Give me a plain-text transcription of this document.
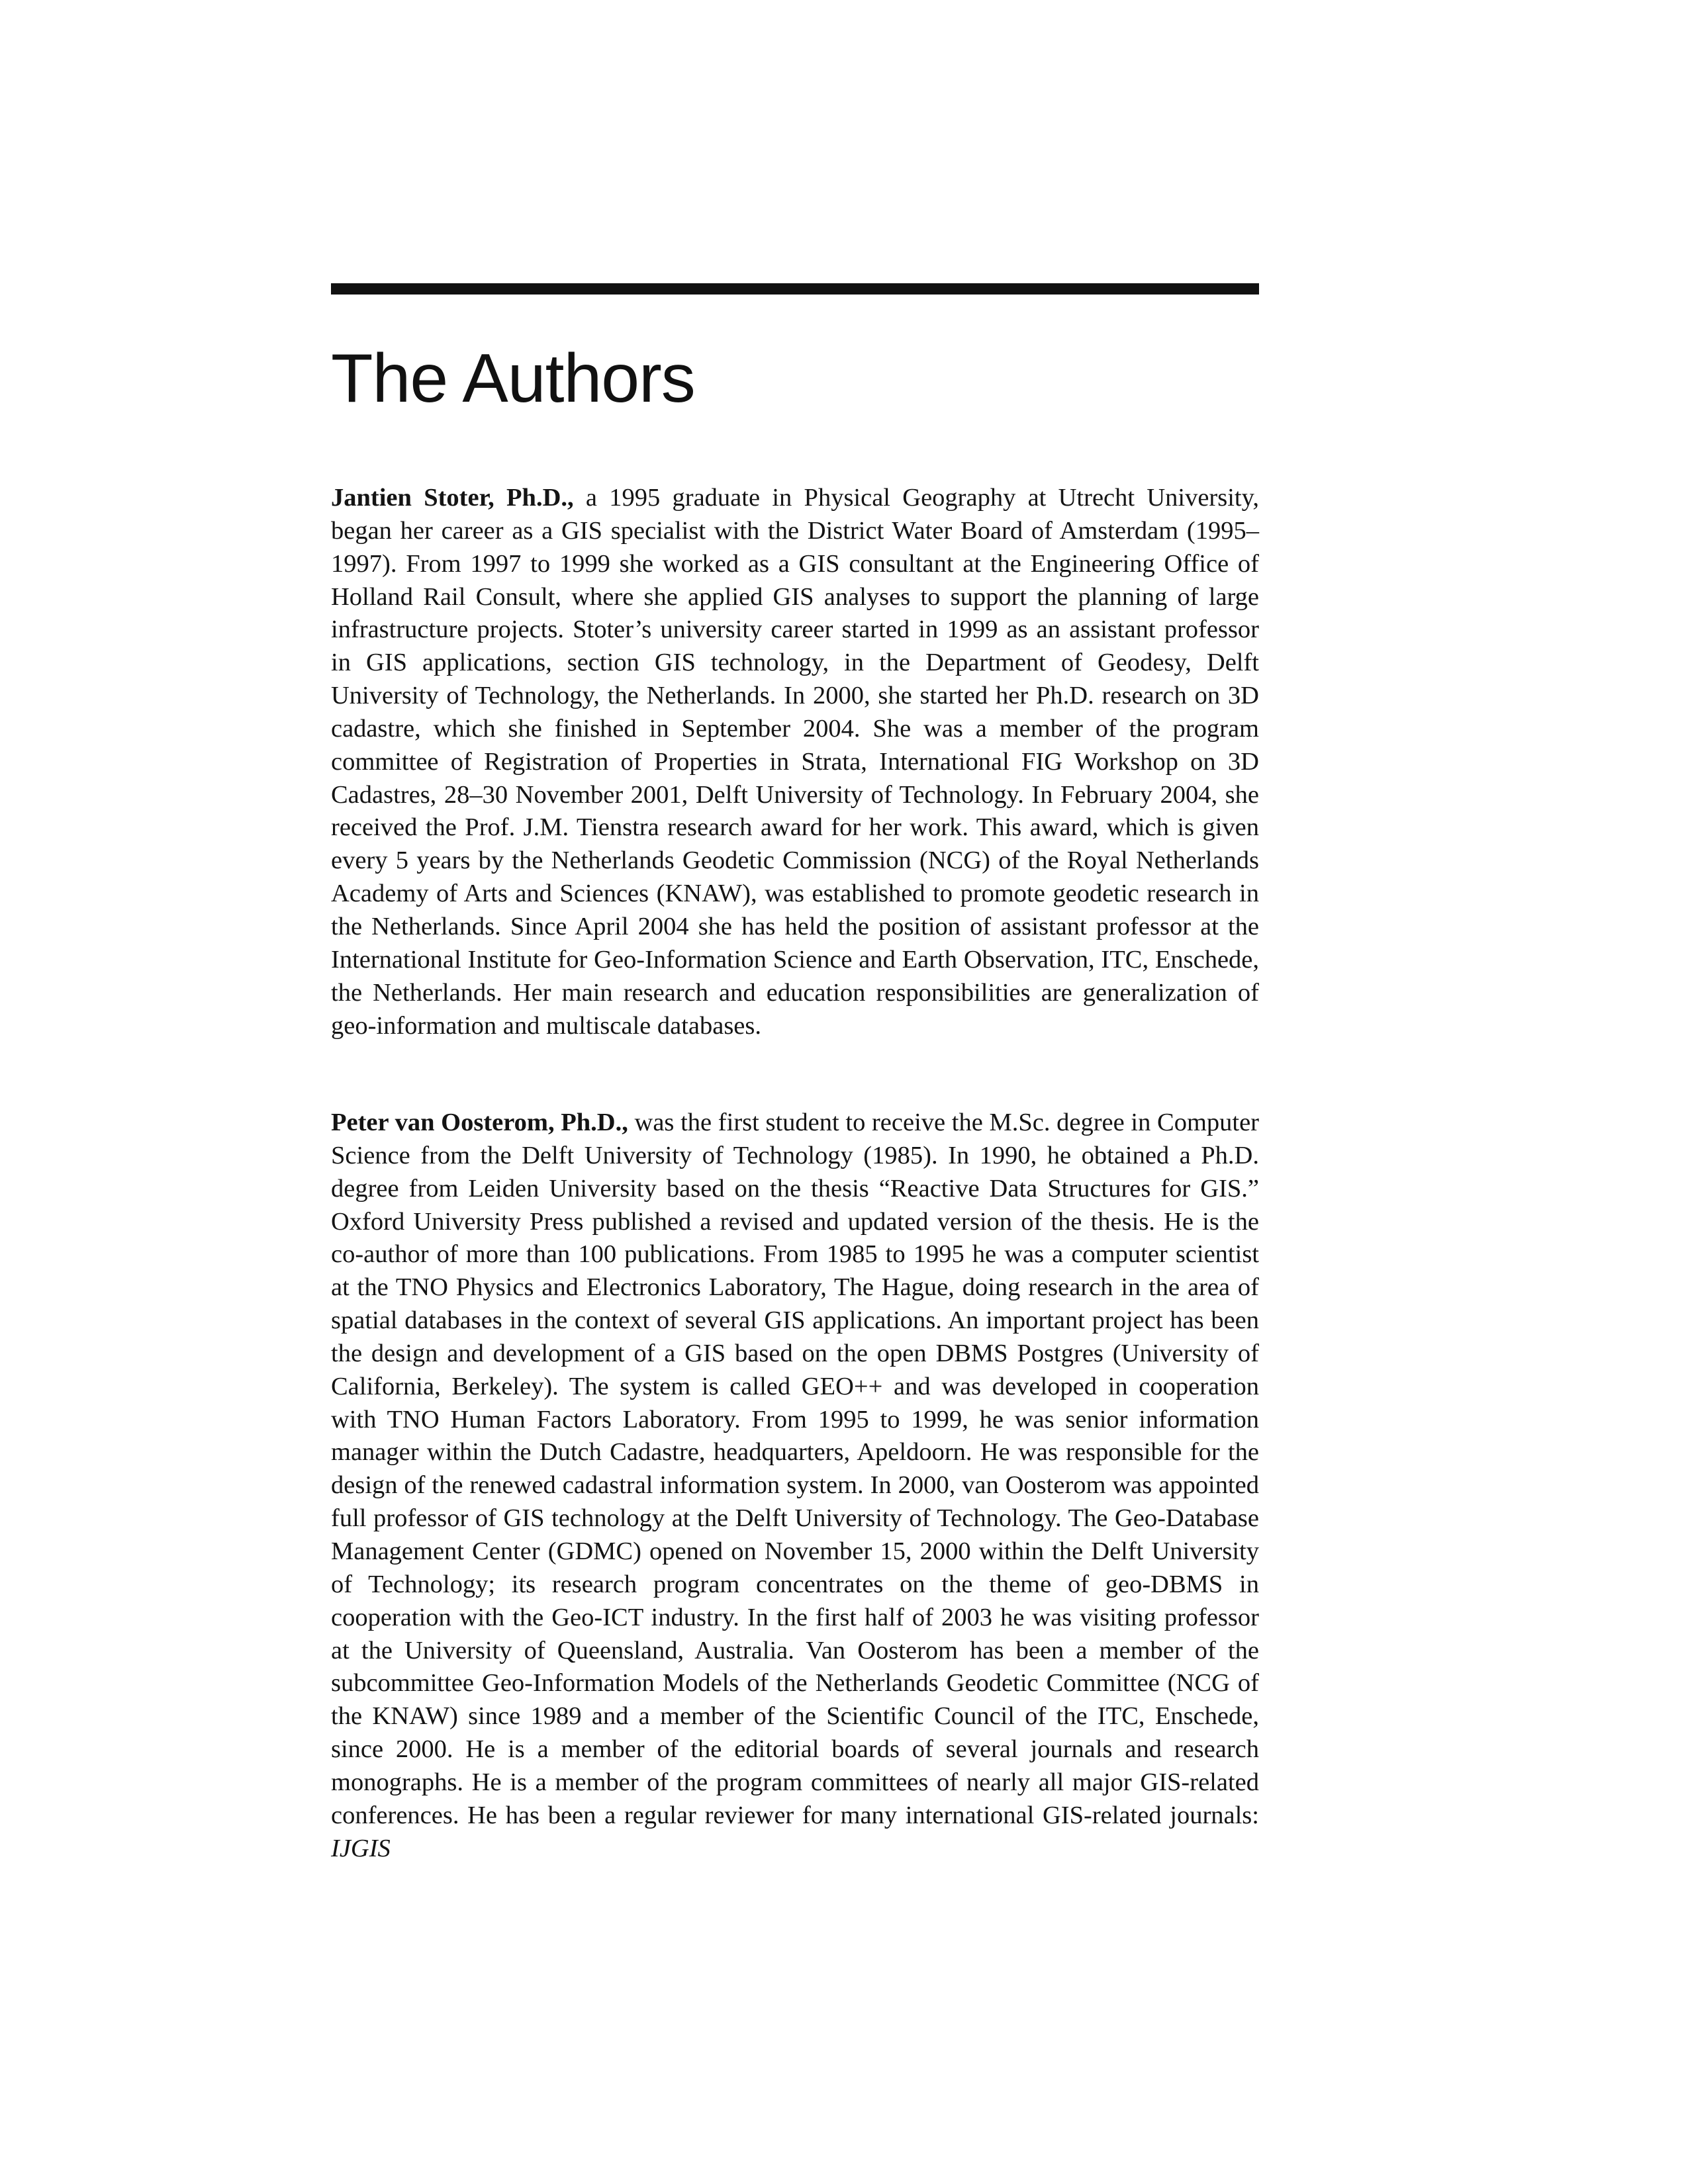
The Authors

Jantien Stoter, Ph.D., a 1995 graduate in Physical Geography at Utrecht University, began her career as a GIS specialist with the District Water Board of Amsterdam (1995–1997). From 1997 to 1999 she worked as a GIS consultant at the Engineering Office of Holland Rail Consult, where she applied GIS analyses to support the planning of large infrastructure projects. Stoter’s university career started in 1999 as an assistant professor in GIS applications, section GIS technology, in the Department of Geodesy, Delft University of Technology, the Netherlands. In 2000, she started her Ph.D. research on 3D cadastre, which she finished in September 2004. She was a member of the program committee of Registration of Properties in Strata, International FIG Workshop on 3D Cadastres, 28–30 November 2001, Delft University of Technology. In February 2004, she received the Prof. J.M. Tienstra research award for her work. This award, which is given every 5 years by the Netherlands Geodetic Commission (NCG) of the Royal Netherlands Academy of Arts and Sciences (KNAW), was established to promote geodetic research in the Netherlands. Since April 2004 she has held the position of assistant professor at the International Institute for Geo-Information Science and Earth Observation, ITC, Enschede, the Netherlands. Her main research and education responsibilities are generalization of geo-information and multiscale databases.

Peter van Oosterom, Ph.D., was the first student to receive the M.Sc. degree in Computer Science from the Delft University of Technology (1985). In 1990, he obtained a Ph.D. degree from Leiden University based on the thesis “Reactive Data Structures for GIS.” Oxford University Press published a revised and updated version of the thesis. He is the co-author of more than 100 publications. From 1985 to 1995 he was a computer scientist at the TNO Physics and Electronics Laboratory, The Hague, doing research in the area of spatial databases in the context of several GIS applications. An important project has been the design and development of a GIS based on the open DBMS Postgres (University of California, Berkeley). The system is called GEO++ and was developed in cooperation with TNO Human Factors Laboratory. From 1995 to 1999, he was senior information manager within the Dutch Cadastre, headquarters, Apeldoorn. He was responsible for the design of the renewed cadastral information system. In 2000, van Oosterom was appointed full professor of GIS technology at the Delft University of Technology. The Geo-Database Management Center (GDMC) opened on November 15, 2000 within the Delft University of Technology; its research program concentrates on the theme of geo-DBMS in cooperation with the Geo-ICT industry. In the first half of 2003 he was visiting professor at the University of Queensland, Australia. Van Oosterom has been a member of the subcommittee Geo-Information Models of the Netherlands Geodetic Committee (NCG of the KNAW) since 1989 and a member of the Scientific Council of the ITC, Enschede, since 2000. He is a member of the editorial boards of several journals and research monographs. He is a member of the program committees of nearly all major GIS-related conferences. He has been a regular reviewer for many international GIS-related journals: IJGIS
